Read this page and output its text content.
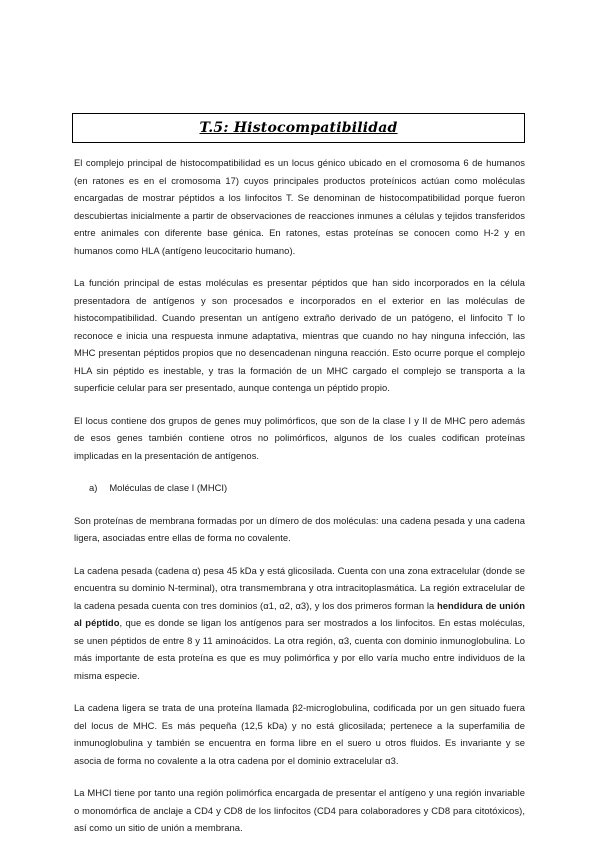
T.5: Histocompatibilidad

El complejo principal de histocompatibilidad es un locus génico ubicado en el cromosoma 6 de humanos (en ratones es en el cromosoma 17) cuyos principales productos proteínicos actúan como moléculas encargadas de mostrar péptidos a los linfocitos T. Se denominan de histocompatibilidad porque fueron descubiertas inicialmente a partir de observaciones de reacciones inmunes a células y tejidos transferidos entre animales con diferente base génica. En ratones, estas proteínas se conocen como H-2 y en humanos como HLA (antígeno leucocitario humano).

La función principal de estas moléculas es presentar péptidos que han sido incorporados en la célula presentadora de antígenos y son procesados e incorporados en el exterior en las moléculas de histocompatibilidad. Cuando presentan un antígeno extraño derivado de un patógeno, el linfocito T lo reconoce e inicia una respuesta inmune adaptativa, mientras que cuando no hay ninguna infección, las MHC presentan péptidos propios que no desencadenan ninguna reacción. Esto ocurre porque el complejo HLA sin péptido es inestable, y tras la formación de un MHC cargado el complejo se transporta a la superficie celular para ser presentado, aunque contenga un péptido propio.

El locus contiene dos grupos de genes muy polimórficos, que son de la clase I y II de MHC pero además de esos genes también contiene otros no polimórficos, algunos de los cuales codifican proteínas implicadas en la presentación de antígenos.

a) Moléculas de clase I (MHCI)

Son proteínas de membrana formadas por un dímero de dos moléculas: una cadena pesada y una cadena ligera, asociadas entre ellas de forma no covalente.

La cadena pesada (cadena α) pesa 45 kDa y está glicosilada. Cuenta con una zona extracelular (donde se encuentra su dominio N-terminal), otra transmembrana y otra intracitoplasmática. La región extracelular de la cadena pesada cuenta con tres dominios (α1, α2, α3), y los dos primeros forman la hendidura de unión al péptido, que es donde se ligan los antígenos para ser mostrados a los linfocitos. En estas moléculas, se unen péptidos de entre 8 y 11 aminoácidos. La otra región, α3, cuenta con dominio inmunoglobulina. Lo más importante de esta proteína es que es muy polimórfica y por ello varía mucho entre individuos de la misma especie.

La cadena ligera se trata de una proteína llamada β2-microglobulina, codificada por un gen situado fuera del locus de MHC. Es más pequeña (12,5 kDa) y no está glicosilada; pertenece a la superfamilia de inmunoglobulina y también se encuentra en forma libre en el suero u otros fluidos. Es invariante y se asocia de forma no covalente a la otra cadena por el dominio extracelular α3.

La MHCI tiene por tanto una región polimórfica encargada de presentar el antígeno y una región invariable o monomórfica de anclaje a CD4 y CD8 de los linfocitos (CD4 para colaboradores y CD8 para citotóxicos), así como un sitio de unión a membrana.
